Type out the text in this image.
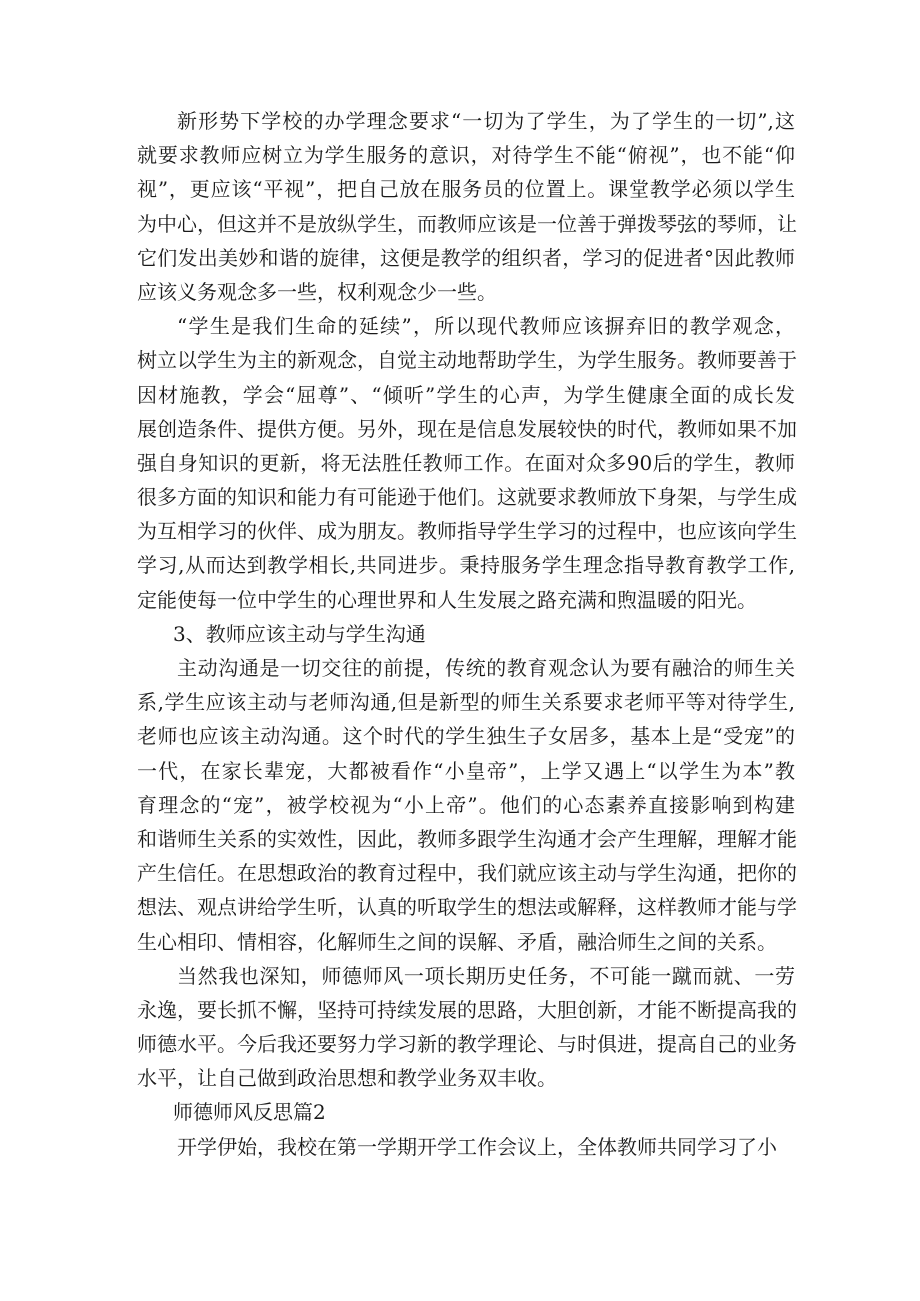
新形势下学校的办学理念要求“一切为了学生，为了学生的一切”,这
就要求教师应树立为学生服务的意识，对待学生不能“俯视”，也不能“仰
视”，更应该“平视”，把自己放在服务员的位置上。课堂教学必须以学生
为中心，但这并不是放纵学生，而教师应该是一位善于弹拨琴弦的琴师，让
它们发出美妙和谐的旋律，这便是教学的组织者，学习的促进者°因此教师
应该义务观念多一些，权利观念少一些。
“学生是我们生命的延续”，所以现代教师应该摒弃旧的教学观念，
树立以学生为主的新观念，自觉主动地帮助学生，为学生服务。教师要善于
因材施教，学会“屈尊”、“倾听”学生的心声，为学生健康全面的成长发
展创造条件、提供方便。另外，现在是信息发展较快的时代，教师如果不加
强自身知识的更新，将无法胜任教师工作。在面对众多90后的学生，教师
很多方面的知识和能力有可能逊于他们。这就要求教师放下身架，与学生成
为互相学习的伙伴、成为朋友。教师指导学生学习的过程中，也应该向学生
学习,从而达到教学相长,共同进步。秉持服务学生理念指导教育教学工作,
定能使每一位中学生的心理世界和人生发展之路充满和煦温暖的阳光。
3、教师应该主动与学生沟通
主动沟通是一切交往的前提，传统的教育观念认为要有融洽的师生关
系,学生应该主动与老师沟通,但是新型的师生关系要求老师平等对待学生,
老师也应该主动沟通。这个时代的学生独生子女居多，基本上是“受宠”的
一代，在家长辈宠，大都被看作“小皇帝”，上学又遇上“以学生为本”教
育理念的“宠”，被学校视为“小上帝”。他们的心态素养直接影响到构建
和谐师生关系的实效性，因此，教师多跟学生沟通才会产生理解，理解才能
产生信任。在思想政治的教育过程中，我们就应该主动与学生沟通，把你的
想法、观点讲给学生听，认真的听取学生的想法或解释，这样教师才能与学
生心相印、情相容，化解师生之间的误解、矛盾，融洽师生之间的关系。
当然我也深知，师德师风一项长期历史任务，不可能一蹴而就、一劳
永逸，要长抓不懈，坚持可持续发展的思路，大胆创新，才能不断提高我的
师德水平。今后我还要努力学习新的教学理论、与时俱进，提高自己的业务
水平，让自己做到政治思想和教学业务双丰收。
师德师风反思篇2
开学伊始，我校在第一学期开学工作会议上，全体教师共同学习了小
